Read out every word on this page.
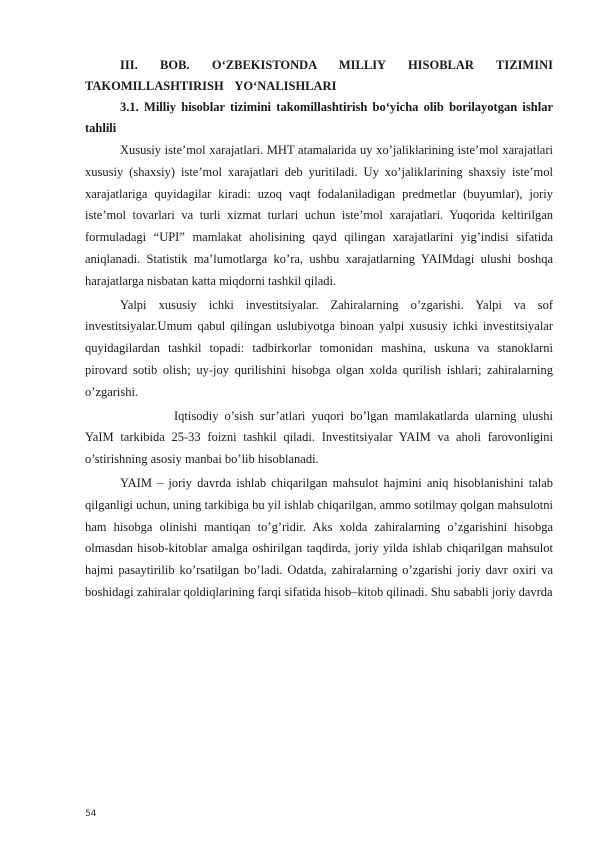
III. BOB. O‘ZBEKISTONDA MILLIY HISOBLAR TIZIMINI TAKOMILLASHTIRISH YO‘NALISHLARI

3.1. Milliy hisoblar tizimini takomillashtirish bo‘yicha olib borilayotgan ishlar tahlili

Xususiy iste’mol xarajatlari. MHT atamalarida uy xo’jaliklarining iste’mol xarajatlari xususiy (shaxsiy) iste’mol xarajatlari deb yuritiladi. Uy xo’jaliklarining shaxsiy iste’mol xarajatlariga quyidagilar kiradi: uzoq vaqt fodalaniladigan predmetlar (buyumlar), joriy iste’mol tovarlari va turli xizmat turlari uchun iste’mol xarajatlari. Yuqorida keltirilgan formuladagi “UPI” mamlakat aholisining qayd qilingan xarajatlarini yig’indisi sifatida aniqlanadi. Statistik ma’lumotlarga ko’ra, ushbu xarajatlarning YAIMdagi ulushi boshqa harajatlarga nisbatan katta miqdorni tashkil qiladi.

Yalpi xususiy ichki investitsiyalar. Zahiralarning o’zgarishi. Yalpi va sof investitsiyalar.Umum qabul qilingan uslubiyotga binoan yalpi xususiy ichki investitsiyalar quyidagilardan tashkil topadi: tadbirkorlar tomonidan mashina, uskuna va stanoklarni pirovard sotib olish; uy-joy qurilishini hisobga olgan xolda qurilish ishlari; zahiralarning o’zgarishi.

Iqtisodiy o’sish sur’atlari yuqori bo’lgan mamlakatlarda ularning ulushi YaIM tarkibida 25-33 foizni tashkil qiladi. Investitsiyalar YAIM va aholi farovonligini o’stirishning asosiy manbai bo’lib hisoblanadi.

YAIM – joriy davrda ishlab chiqarilgan mahsulot hajmini aniq hisoblanishini talab qilganligi uchun, uning tarkibiga bu yil ishlab chiqarilgan, ammo sotilmay qolgan mahsulotni ham hisobga olinishi mantiqan to’g’ridir. Aks xolda zahiralarning o’zgarishini hisobga olmasdan hisob-kitoblar amalga oshirilgan taqdirda, joriy yilda ishlab chiqarilgan mahsulot hajmi pasaytirilib ko’rsatilgan bo’ladi. Odatda, zahiralarning o’zgarishi joriy davr oxiri va boshidagi zahiralar qoldiqlarining farqi sifatida hisob–kitob qilinadi. Shu sababli joriy davrda

54
